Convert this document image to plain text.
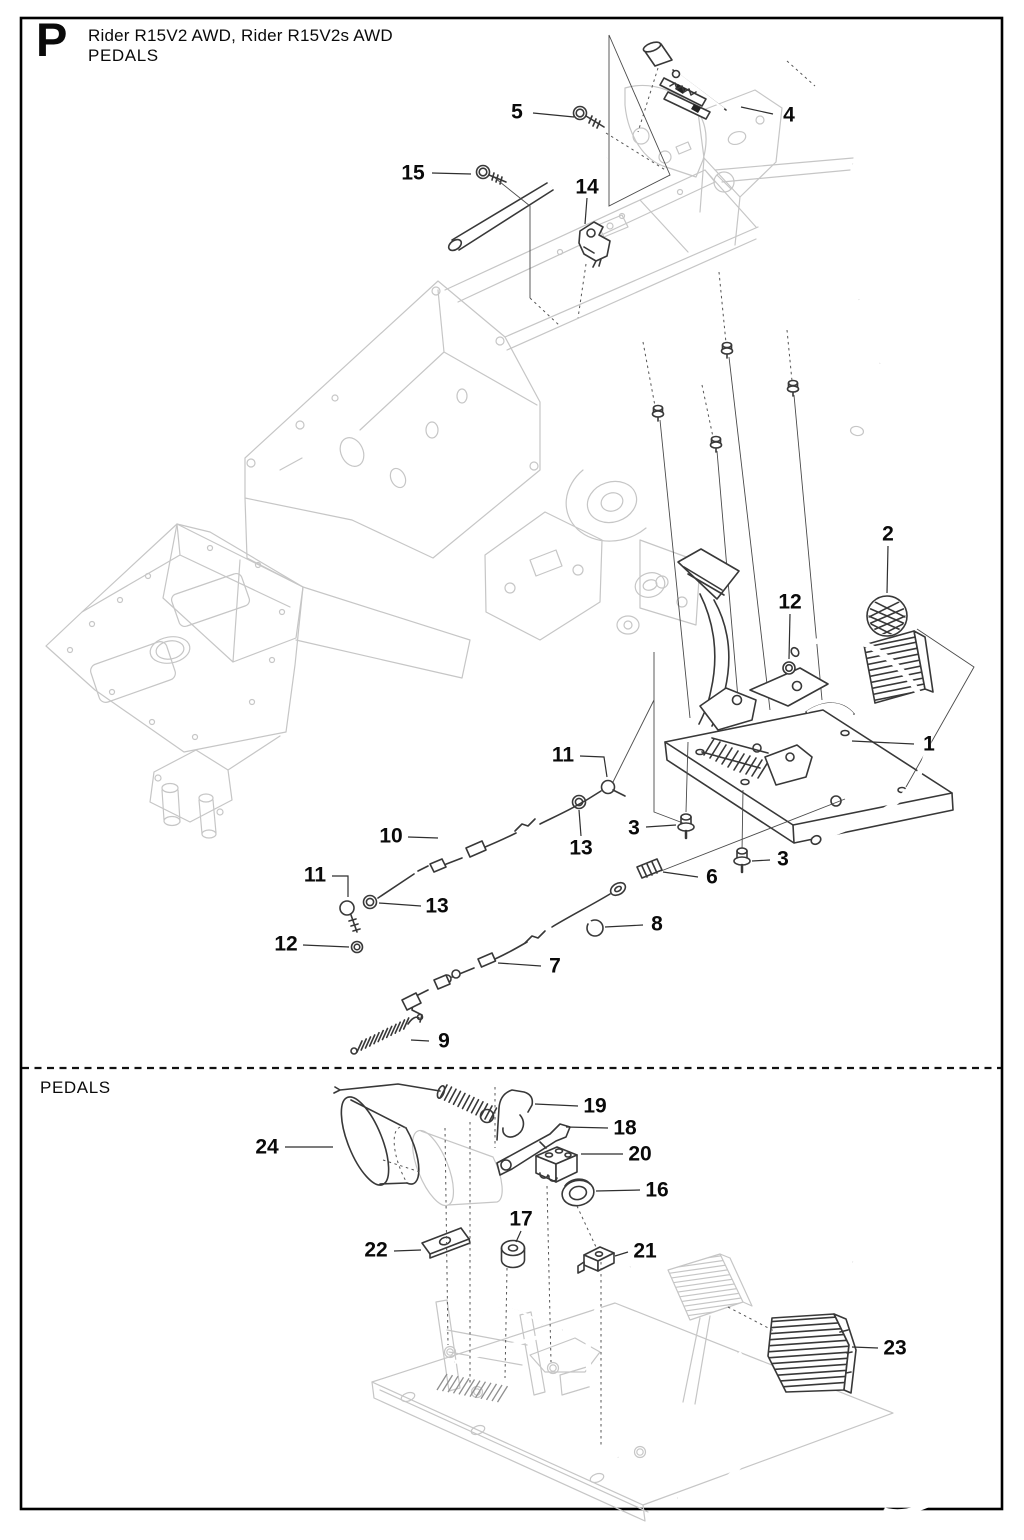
5	4
15
14
2
12
1
11
13
10	3
3
11
13
6
12
8
7
9
24
19
18
20
16
17
22	21
23
P Rider R15V2 AWD, Rider R15V2s AWD
PEDALS
PEDALS
